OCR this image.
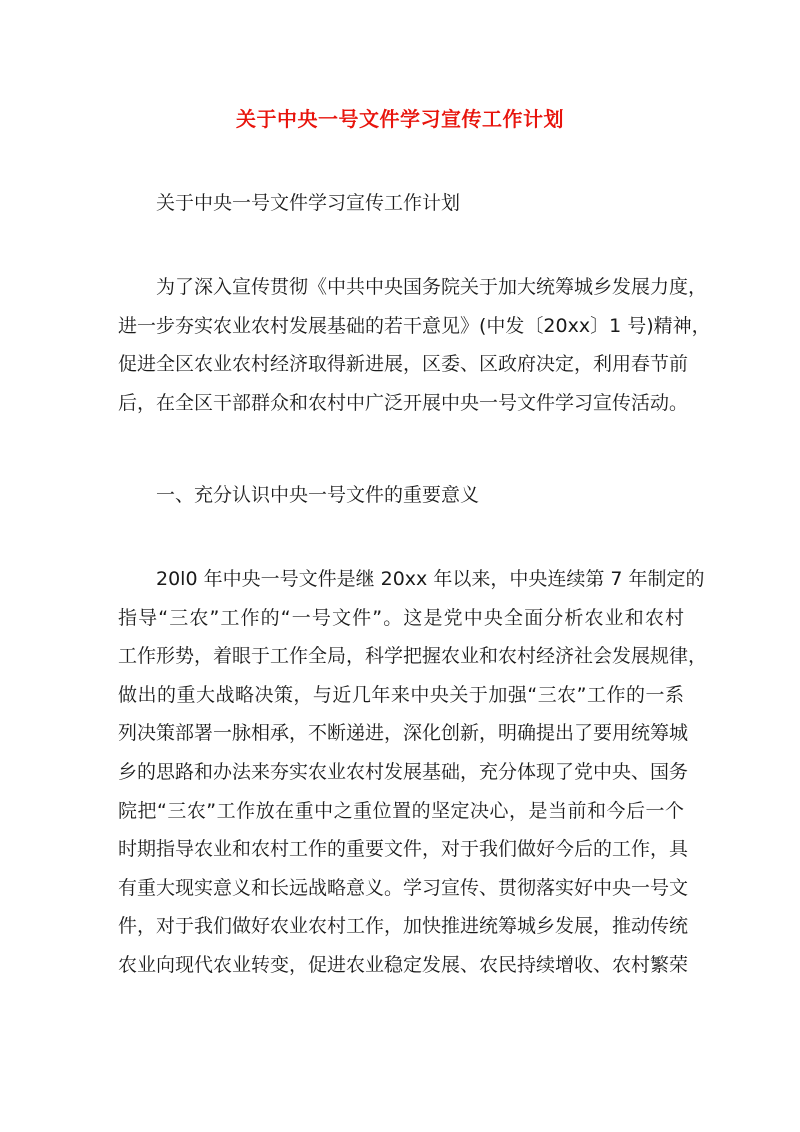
关于中央一号文件学习宣传工作计划
关于中央一号文件学习宣传工作计划
为了深入宣传贯彻《中共中央国务院关于加大统筹城乡发展力度，
进一步夯实农业农村发展基础的若干意见》(中发〔20xx〕1 号)精神，
促进全区农业农村经济取得新进展，区委、区政府决定，利用春节前
后，在全区干部群众和农村中广泛开展中央一号文件学习宣传活动。
一、充分认识中央一号文件的重要意义
20l0 年中央一号文件是继 20xx 年以来，中央连续第 7 年制定的
指导“三农”工作的“一号文件”。这是党中央全面分析农业和农村
工作形势，着眼于工作全局，科学把握农业和农村经济社会发展规律，
做出的重大战略决策，与近几年来中央关于加强“三农”工作的一系
列决策部署一脉相承，不断递进，深化创新，明确提出了要用统筹城
乡的思路和办法来夯实农业农村发展基础，充分体现了党中央、国务
院把“三农”工作放在重中之重位置的坚定决心，是当前和今后一个
时期指导农业和农村工作的重要文件，对于我们做好今后的工作，具
有重大现实意义和长远战略意义。学习宣传、贯彻落实好中央一号文
件，对于我们做好农业农村工作，加快推进统筹城乡发展，推动传统
农业向现代农业转变，促进农业稳定发展、农民持续增收、农村繁荣
